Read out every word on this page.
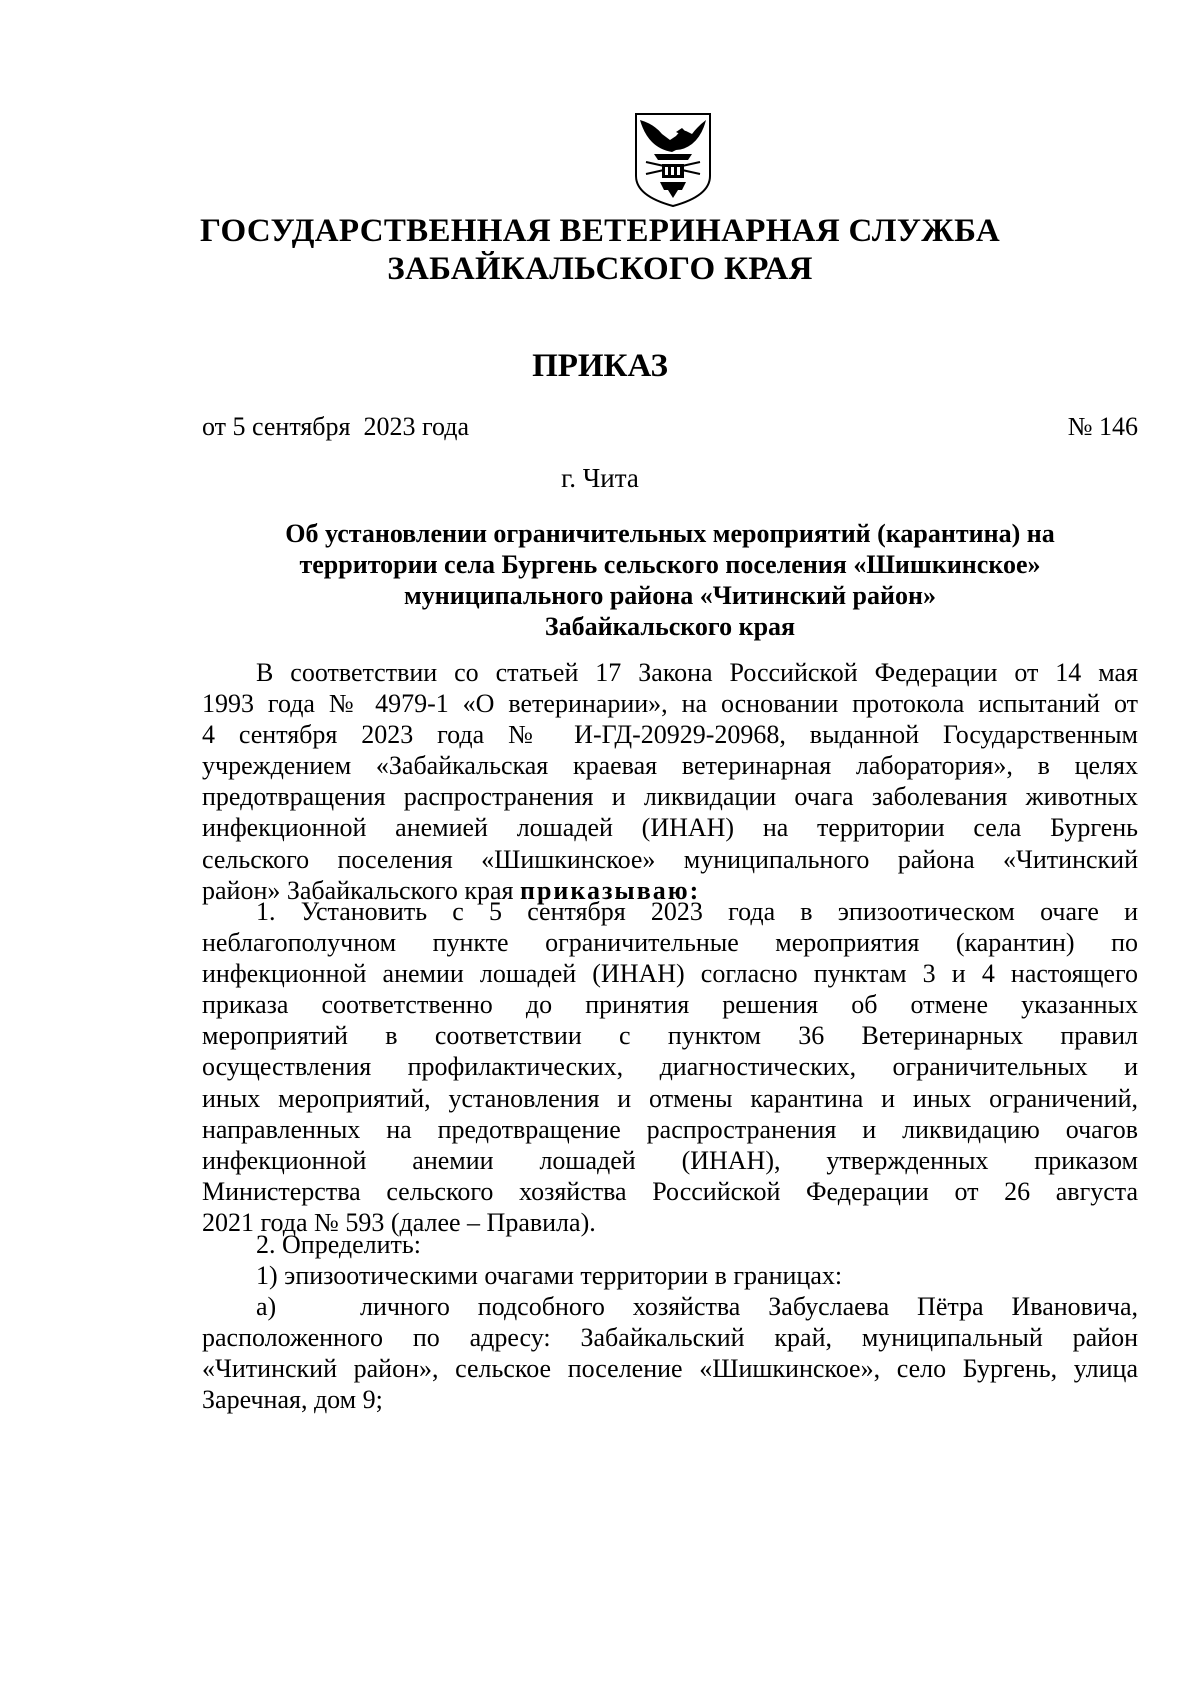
ГОСУДАРСТВЕННАЯ ВЕТЕРИНАРНАЯ СЛУЖБА
ЗАБАЙКАЛЬСКОГО КРАЯ
ПРИКАЗ
от 5 сентября  2023 года	№ 146
г. Чита
Об установлении ограничительных мероприятий (карантина) на
территории села Бургень сельского поселения «Шишкинское»
муниципального района «Читинский район»
Забайкальского края
В соответствии со статьей 17 Закона Российской Федерации от 14 мая
1993 года № 4979-1 «О ветеринарии», на основании протокола испытаний от
4 сентября 2023 года № И-ГД-20929-20968, выданной Государственным
учреждением «Забайкальская краевая ветеринарная лаборатория», в целях
предотвращения распространения и ликвидации очага заболевания животных
инфекционной анемией лошадей (ИНАН) на территории села Бургень
сельского поселения «Шишкинское» муниципального района «Читинский
район» Забайкальского края приказываю:
1. Установить с 5 сентября 2023 года в эпизоотическом очаге и
неблагополучном пункте ограничительные мероприятия (карантин) по
инфекционной анемии лошадей (ИНАН) согласно пунктам 3 и 4 настоящего
приказа соответственно до принятия решения об отмене указанных
мероприятий в соответствии с пунктом 36 Ветеринарных правил
осуществления профилактических, диагностических, ограничительных и
иных мероприятий, установления и отмены карантина и иных ограничений,
направленных на предотвращение распространения и ликвидацию очагов
инфекционной анемии лошадей (ИНАН), утвержденных приказом
Министерства сельского хозяйства Российской Федерации от 26 августа
2021 года № 593 (далее – Правила).
2. Определить:
1) эпизоотическими очагами территории в границах:
а)   личного подсобного хозяйства Забуслаева Пётра Ивановича,
расположенного по адресу: Забайкальский край, муниципальный район
«Читинский район», сельское поселение «Шишкинское», село Бургень, улица
Заречная, дом 9;
